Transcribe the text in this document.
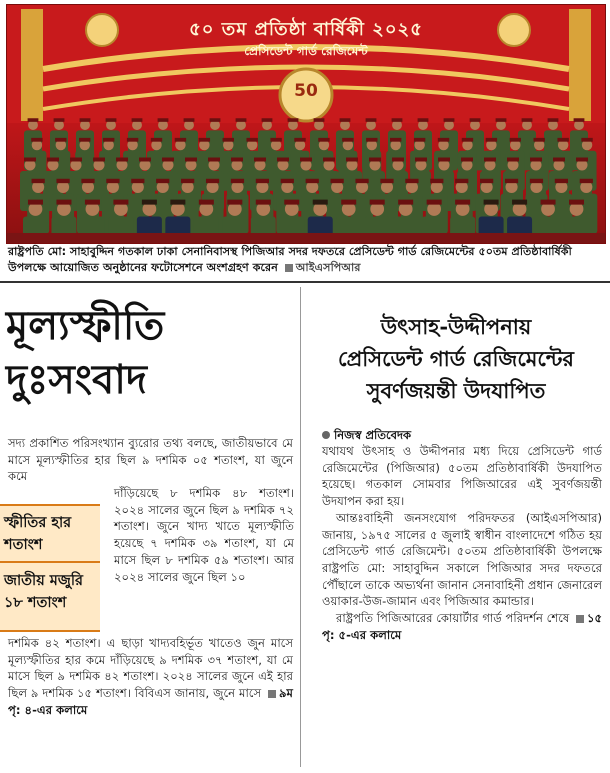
৫০ তম প্রতিষ্ঠা বার্ষিকী ২০২৫
প্রেসিডেন্ট গার্ড রেজিমেন্ট
50
রাষ্ট্রপতি মো: সাহাবুদ্দিন গতকাল ঢাকা সেনানিবাসস্থ পিজিআর সদর দফতরে প্রেসিডেন্ট গার্ড রেজিমেন্টের ৫০তম প্রতিষ্ঠাবার্ষিকী উপলক্ষে আয়োজিত অনুষ্ঠানের ফটোসেশনে অংশগ্রহণ করেন আইএসপিআর
মূল্যস্ফীতি
দুঃসংবাদ
সদ্য প্রকাশিত পরিসংখ্যান ব্যুরোর তথ্য বলছে, জাতীয়ভাবে মে মাসে মূল্যস্ফীতির হার ছিল ৯ দশমিক ০৫ শতাংশ, যা জুনে কমে
দাঁড়িয়েছে ৮ দশমিক ৪৮ শতাংশ। ২০২৪ সালের জুনে ছিল ৯ দশমিক ৭২ শতাংশ। জুনে খাদ্য খাতে মূল্যস্ফীতি হয়েছে ৭ দশমিক ৩৯ শতাংশ, যা মে মাসে ছিল ৮ দশমিক ৫৯ শতাংশ। আর ২০২৪ সালের জুনে ছিল ১০
স্ফীতির হার শতাংশ
জাতীয় মজুরি ১৮ শতাংশ
দশমিক ৪২ শতাংশ। এ ছাড়া খাদ্যবহির্ভূত খাতেও জুন মাসে মূল্যস্ফীতির হার কমে দাঁড়িয়েছে ৯ দশমিক ৩৭ শতাংশ, যা মে মাসে ছিল ৯ দশমিক ৪২ শতাংশ। ২০২৪ সালের জুনে এই হার ছিল ৯ দশমিক ১৫ শতাংশ। বিবিএস জানায়, জুনে মাসে ৯ম পৃ: ৪-এর কলামে
উৎসাহ-উদ্দীপনায়
প্রেসিডেন্ট গার্ড রেজিমেন্টের
সুবর্ণজয়ন্তী উদযাপিত
নিজস্ব প্রতিবেদক

যথাযথ উৎসাহ ও উদ্দীপনার মধ্য দিয়ে প্রেসিডেন্ট গার্ড রেজিমেন্টের (পিজিআর) ৫০তম প্রতিষ্ঠাবার্ষিকী উদযাপিত হয়েছে। গতকাল সোমবার পিজিআরের এই সুবর্ণজয়ন্তী উদযাপন করা হয়।

আন্তঃবাহিনী জনসংযোগ পরিদফতর (আইএসপিআর) জানায়, ১৯৭৫ সালের ৫ জুলাই স্বাধীন বাংলাদেশে গঠিত হয় প্রেসিডেন্ট গার্ড রেজিমেন্ট। ৫০তম প্রতিষ্ঠাবার্ষিকী উপলক্ষে রাষ্ট্রপতি মো: সাহাবুদ্দিন সকালে পিজিআর সদর দফতরে পৌঁছালে তাকে অভ্যর্থনা জানান সেনাবাহিনী প্রধান জেনারেল ওয়াকার-উজ-জামান এবং পিজিআর কমান্ডার।

রাষ্ট্রপতি পিজিআরের কোয়ার্টার গার্ড পরিদর্শন শেষে ১৫ পৃ: ৫-এর কলামে
